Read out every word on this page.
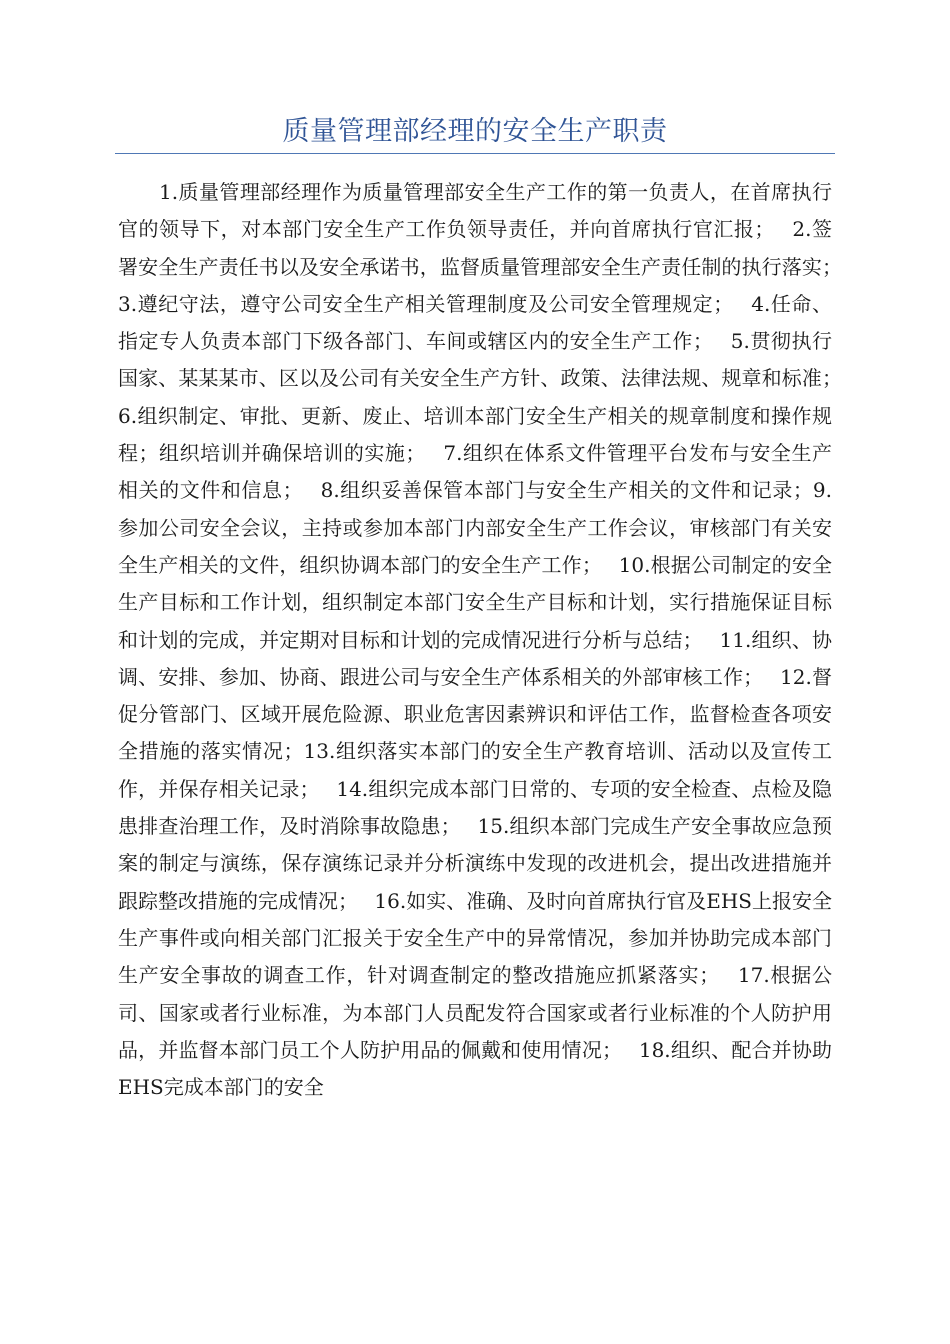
质量管理部经理的安全生产职责

1.质量管理部经理作为质量管理部安全生产工作的第一负责人，在首席执行官的领导下，对本部门安全生产工作负领导责任，并向首席执行官汇报；　 2.签署安全生产责任书以及安全承诺书，监督质量管理部安全生产责任制的执行落实；　 3.遵纪守法，遵守公司安全生产相关管理制度及公司安全管理规定；　 4.任命、指定专人负责本部门下级各部门、车间或辖区内的安全生产工作；　 5.贯彻执行国家、某某某市、区以及公司有关安全生产方针、政策、法律法规、规章和标准；　 6.组织制定、审批、更新、废止、培训本部门安全生产相关的规章制度和操作规程；组织培训并确保培训的实施；　 7.组织在体系文件管理平台发布与安全生产相关的文件和信息；　 8.组织妥善保管本部门与安全生产相关的文件和记录；9.参加公司安全会议，主持或参加本部门内部安全生产工作会议，审核部门有关安全生产相关的文件，组织协调本部门的安全生产工作；　 10.根据公司制定的安全生产目标和工作计划，组织制定本部门安全生产目标和计划，实行措施保证目标和计划的完成，并定期对目标和计划的完成情况进行分析与总结；　 11.组织、协调、安排、参加、协商、跟进公司与安全生产体系相关的外部审核工作；　 12.督促分管部门、区域开展危险源、职业危害因素辨识和评估工作，监督检查各项安全措施的落实情况；13.组织落实本部门的安全生产教育培训、活动以及宣传工作，并保存相关记录；　 14.组织完成本部门日常的、专项的安全检查、点检及隐患排查治理工作，及时消除事故隐患；　 15.组织本部门完成生产安全事故应急预案的制定与演练，保存演练记录并分析演练中发现的改进机会，提出改进措施并跟踪整改措施的完成情况；　 16.如实、准确、及时向首席执行官及EHS上报安全生产事件或向相关部门汇报关于安全生产中的异常情况，参加并协助完成本部门生产安全事故的调查工作，针对调查制定的整改措施应抓紧落实；　 17.根据公司、国家或者行业标准，为本部门人员配发符合国家或者行业标准的个人防护用品，并监督本部门员工个人防护用品的佩戴和使用情况；　 18.组织、配合并协助EHS完成本部门的安全
